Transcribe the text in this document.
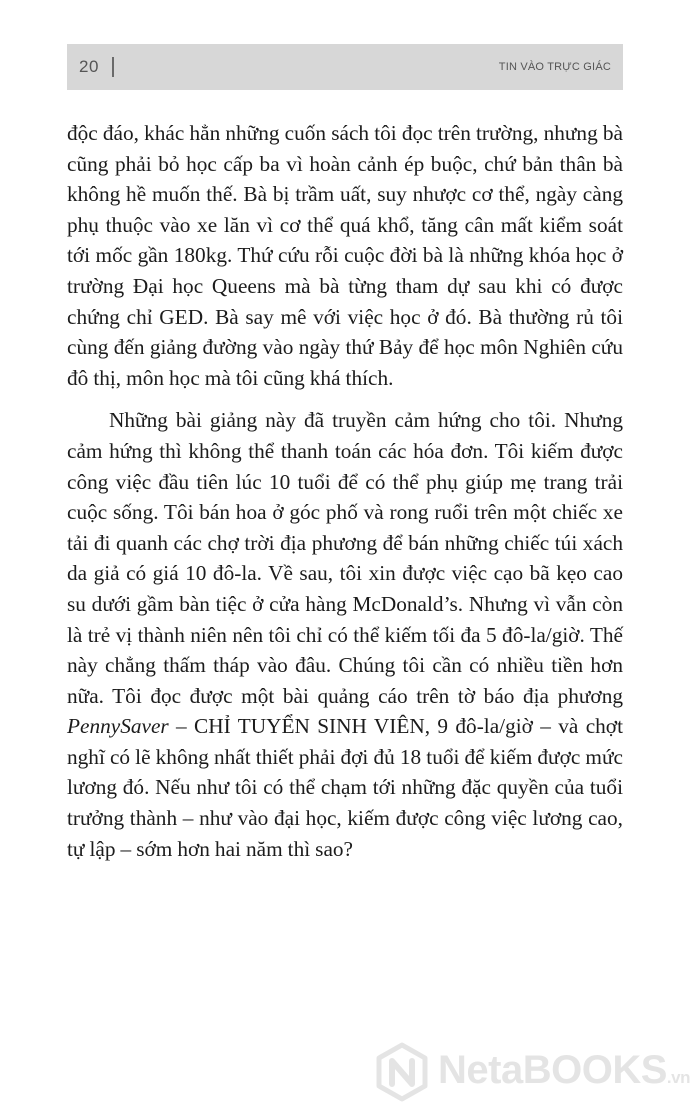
20	TIN VÀO TRỰC GIÁC

độc đáo, khác hẳn những cuốn sách tôi đọc trên trường, nhưng bà cũng phải bỏ học cấp ba vì hoàn cảnh ép buộc, chứ bản thân bà không hề muốn thế. Bà bị trầm uất, suy nhược cơ thể, ngày càng phụ thuộc vào xe lăn vì cơ thể quá khổ, tăng cân mất kiểm soát tới mốc gần 180kg. Thứ cứu rỗi cuộc đời bà là những khóa học ở trường Đại học Queens mà bà từng tham dự sau khi có được chứng chỉ GED. Bà say mê với việc học ở đó. Bà thường rủ tôi cùng đến giảng đường vào ngày thứ Bảy để học môn Nghiên cứu đô thị, môn học mà tôi cũng khá thích.

Những bài giảng này đã truyền cảm hứng cho tôi. Nhưng cảm hứng thì không thể thanh toán các hóa đơn. Tôi kiếm được công việc đầu tiên lúc 10 tuổi để có thể phụ giúp mẹ trang trải cuộc sống. Tôi bán hoa ở góc phố và rong ruổi trên một chiếc xe tải đi quanh các chợ trời địa phương để bán những chiếc túi xách da giả có giá 10 đô-la. Về sau, tôi xin được việc cạo bã kẹo cao su dưới gầm bàn tiệc ở cửa hàng McDonald’s. Nhưng vì vẫn còn là trẻ vị thành niên nên tôi chỉ có thể kiếm tối đa 5 đô-la/giờ. Thế này chẳng thấm tháp vào đâu. Chúng tôi cần có nhiều tiền hơn nữa. Tôi đọc được một bài quảng cáo trên tờ báo địa phương PennySaver – CHỈ TUYỂN SINH VIÊN, 9 đô-la/giờ – và chợt nghĩ có lẽ không nhất thiết phải đợi đủ 18 tuổi để kiếm được mức lương đó. Nếu như tôi có thể chạm tới những đặc quyền của tuổi trưởng thành – như vào đại học, kiếm được công việc lương cao, tự lập – sớm hơn hai năm thì sao?

NetaBOOKS.vn
